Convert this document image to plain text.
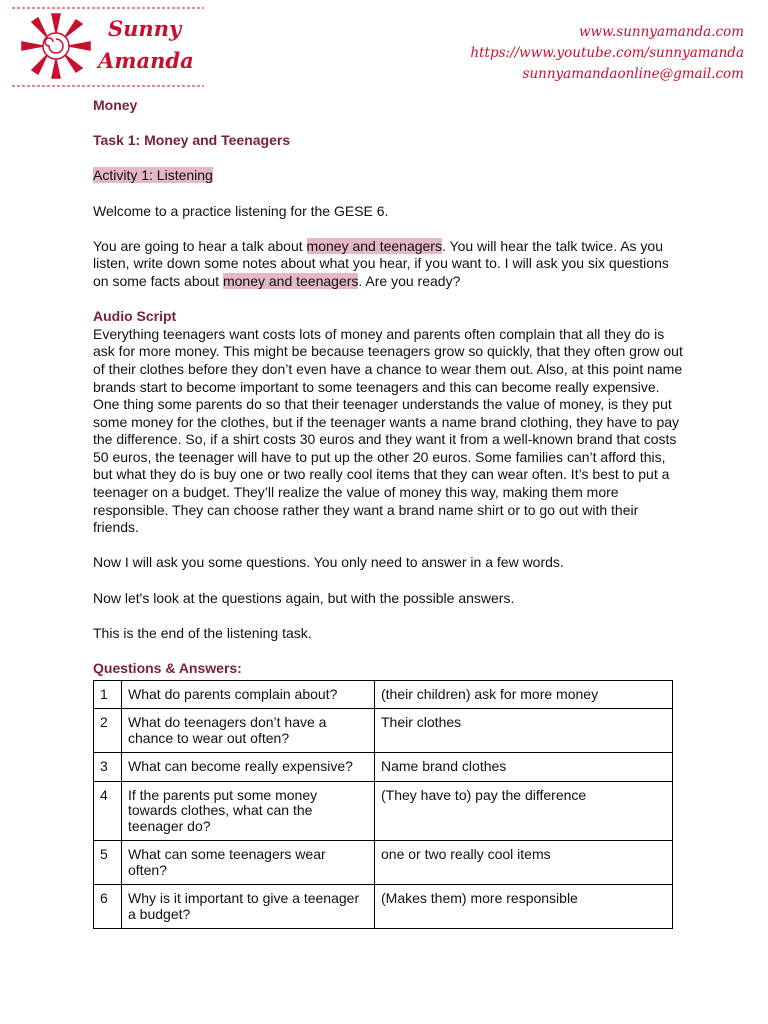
Sunny
Amanda
www.sunnyamanda.com
https://www.youtube.com/sunnyamanda
sunnyamandaonline@gmail.com

Money

Task 1: Money and Teenagers

Activity 1: Listening

Welcome to a practice listening for the GESE 6.

You are going to hear a talk about money and teenagers. You will hear the talk twice. As you listen, write down some notes about what you hear, if you want to. I will ask you six questions on some facts about money and teenagers. Are you ready?

Audio Script

Everything teenagers want costs lots of money and parents often complain that all they do is ask for more money. This might be because teenagers grow so quickly, that they often grow out of their clothes before they don’t even have a chance to wear them out. Also, at this point name brands start to become important to some teenagers and this can become really expensive. One thing some parents do so that their teenager understands the value of money, is they put some money for the clothes, but if the teenager wants a name brand clothing, they have to pay the difference. So, if a shirt costs 30 euros and they want it from a well-known brand that costs 50 euros, the teenager will have to put up the other 20 euros. Some families can’t afford this, but what they do is buy one or two really cool items that they can wear often. It’s best to put a teenager on a budget. They’ll realize the value of money this way, making them more responsible. They can choose rather they want a brand name shirt or to go out with their friends.

Now I will ask you some questions. You only need to answer in a few words.

Now let's look at the questions again, but with the possible answers.

This is the end of the listening task.

Questions & Answers:

1	What do parents complain about?	(their children) ask for more money
2	What do teenagers don’t have a chance to wear out often?	Their clothes
3	What can become really expensive?	Name brand clothes
4	If the parents put some money towards clothes, what can the teenager do?	(They have to) pay the difference
5	What can some teenagers wear often?	one or two really cool items
6	Why is it important to give a teenager a budget?	(Makes them) more responsible
